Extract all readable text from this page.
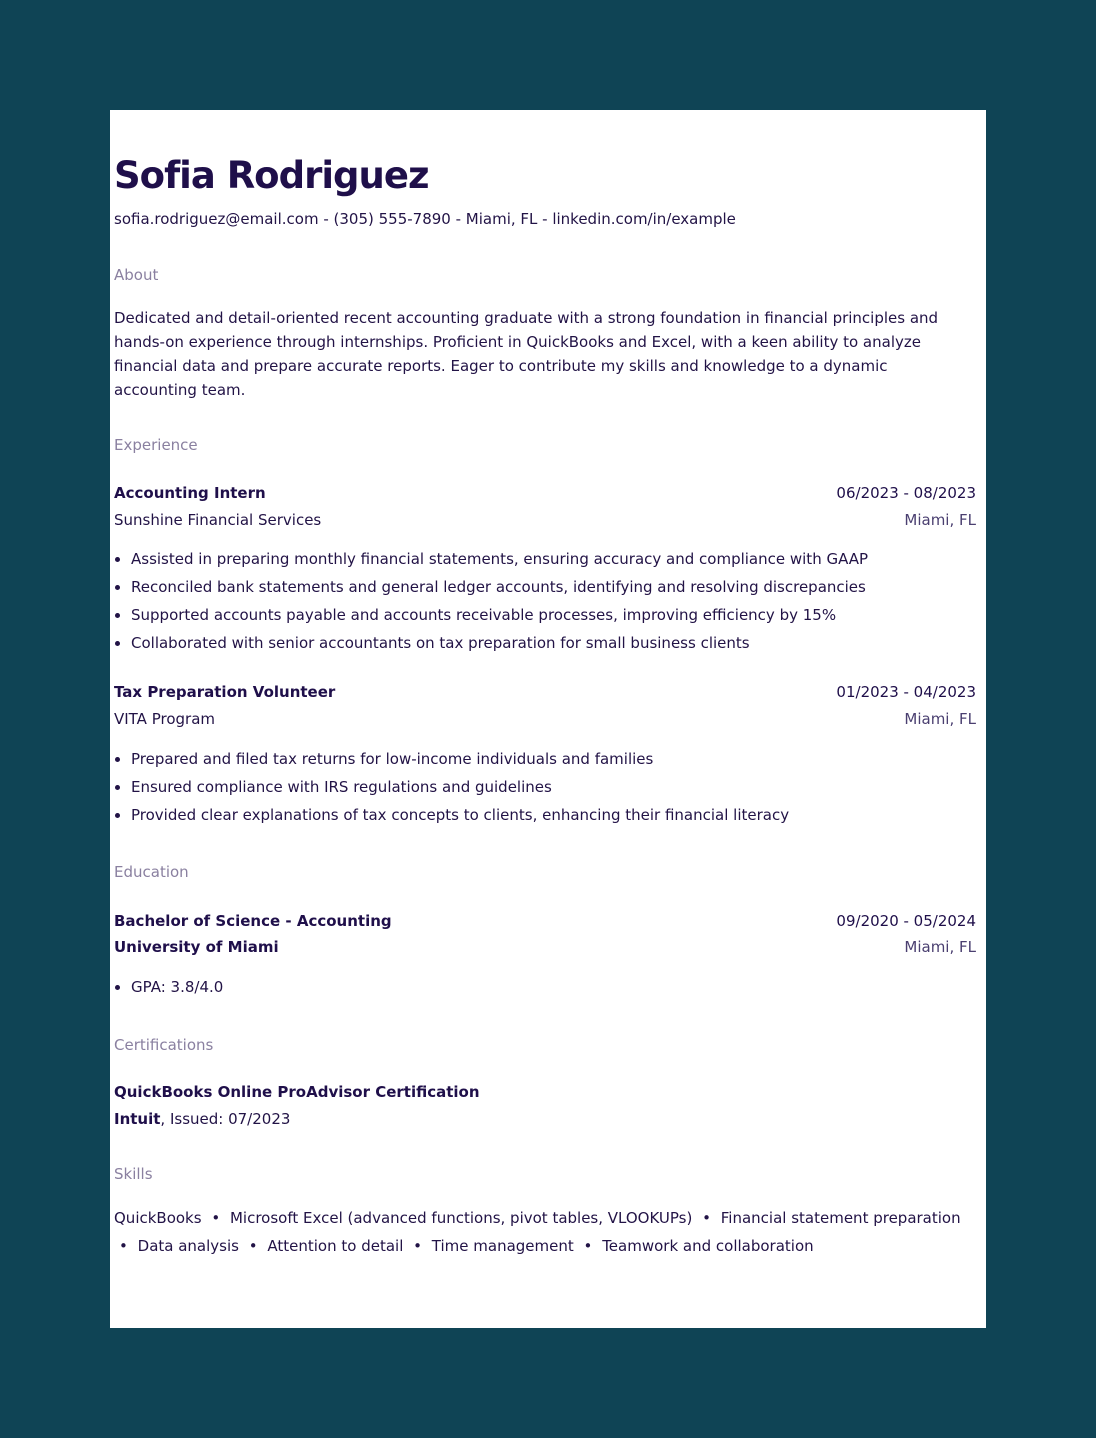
Sofia Rodriguez
sofia.rodriguez@email.com - (305) 555-7890 - Miami, FL - linkedin.com/in/example
About

Dedicated and detail-oriented recent accounting graduate with a strong foundation in financial principles and hands-on experience through internships. Proficient in QuickBooks and Excel, with a keen ability to analyze financial data and prepare accurate reports. Eager to contribute my skills and knowledge to a dynamic accounting team.

Experience
Accounting Intern	06/2023 - 08/2023
Sunshine Financial Services	Miami, FL
Assisted in preparing monthly financial statements, ensuring accuracy and compliance with GAAP
Reconciled bank statements and general ledger accounts, identifying and resolving discrepancies
Supported accounts payable and accounts receivable processes, improving efficiency by 15%
Collaborated with senior accountants on tax preparation for small business clients
Tax Preparation Volunteer	01/2023 - 04/2023
VITA Program	Miami, FL
Prepared and filed tax returns for low-income individuals and families
Ensured compliance with IRS regulations and guidelines
Provided clear explanations of tax concepts to clients, enhancing their financial literacy
Education
Bachelor of Science - Accounting	09/2020 - 05/2024
University of Miami	Miami, FL
GPA: 3.8/4.0
Certifications
QuickBooks Online ProAdvisor Certification
Intuit, Issued: 07/2023
Skills
QuickBooks • Microsoft Excel (advanced functions, pivot tables, VLOOKUPs) • Financial statement preparation • Data analysis • Attention to detail • Time management • Teamwork and collaboration
